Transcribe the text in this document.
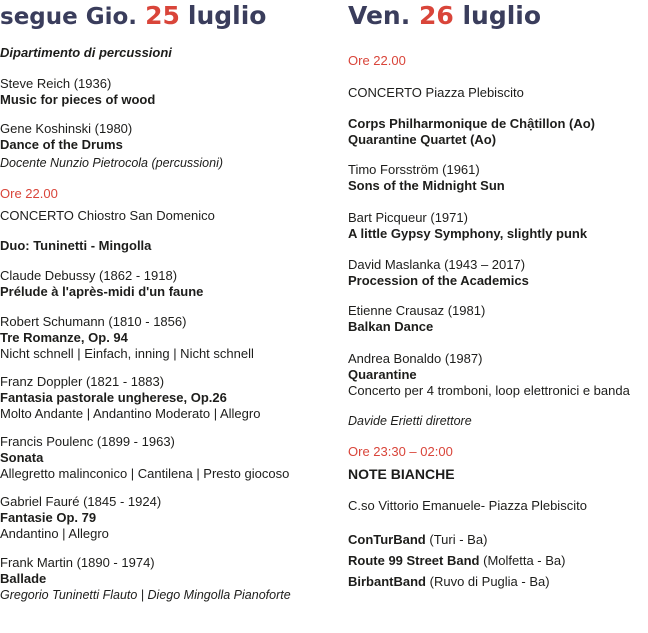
segue Gio. 25 luglio
Dipartimento di percussioni
Steve Reich (1936)
Music for pieces of wood
Gene Koshinski (1980)
Dance of the Drums
Docente Nunzio Pietrocola (percussioni)
Ore 22.00
CONCERTO Chiostro San Domenico
Duo: Tuninetti - Mingolla
Claude Debussy (1862 - 1918)
Prélude à l'après-midi d'un faune
Robert Schumann (1810 - 1856)
Tre Romanze, Op. 94
Nicht schnell | Einfach, inning | Nicht schnell
Franz Doppler (1821 - 1883)
Fantasia pastorale ungherese, Op.26
Molto Andante | Andantino Moderato | Allegro
Francis Poulenc (1899 - 1963)
Sonata
Allegretto malinconico | Cantilena | Presto giocoso
Gabriel Fauré (1845 - 1924)
Fantasie Op. 79
Andantino | Allegro
Frank Martin (1890 - 1974)
Ballade
Gregorio Tuninetti Flauto | Diego Mingolla Pianoforte
Ven. 26 luglio
Ore 22.00
CONCERTO Piazza Plebiscito
Corps Philharmonique de Chậtillon (Ao)
Quarantine Quartet (Ao)
Timo Forsström (1961)
Sons of the Midnight Sun
Bart Picqueur (1971)
A little Gypsy Symphony, slightly punk
David Maslanka (1943 – 2017)
Procession of the Academics
Etienne Crausaz (1981)
Balkan Dance
Andrea Bonaldo (1987)
Quarantine
Concerto per 4 tromboni, loop elettronici e banda
Davide Erietti direttore
Ore 23:30 – 02:00
NOTE BIANCHE
C.so Vittorio Emanuele- Piazza Plebiscito
ConTurBand (Turi - Ba)
Route 99 Street Band (Molfetta - Ba)
BirbantBand (Ruvo di Puglia - Ba)
